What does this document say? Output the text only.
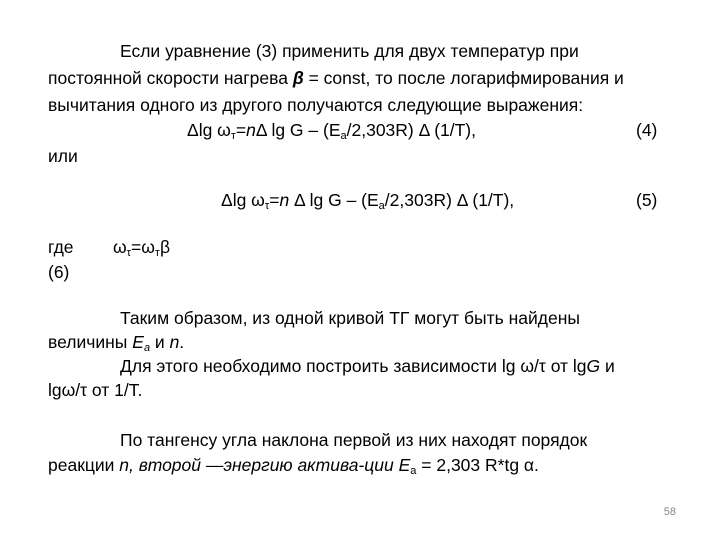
Если уравнение (3) применить для двух температур при
постоянной скорости нагрева β = const, то после логарифмирования и
вычитания одного из другого получаются следующие выражения:
Δlg $\omega_т=n\Delta$ lg G – $(E_a/2,303R)$ Δ (1/T),	(4)
или
Δlg $\omega_\tau=n$ Δ lg G – $(E_a/2,303R)$ Δ (1/T),	(5)
где $\omega_\tau=\omega_т\beta$
(6)
Таким образом, из одной кривой ТГ могут быть найдены
величины $E_a$ и n.
Для этого необходимо построить зависимости lg ω/τ от lgG и
lgω/τ от 1/T.
По тангенсу угла наклона первой из них находят порядок
реакции n, второй —энергию актива-ции $E_a = 2,303$ R*tg α.
58
